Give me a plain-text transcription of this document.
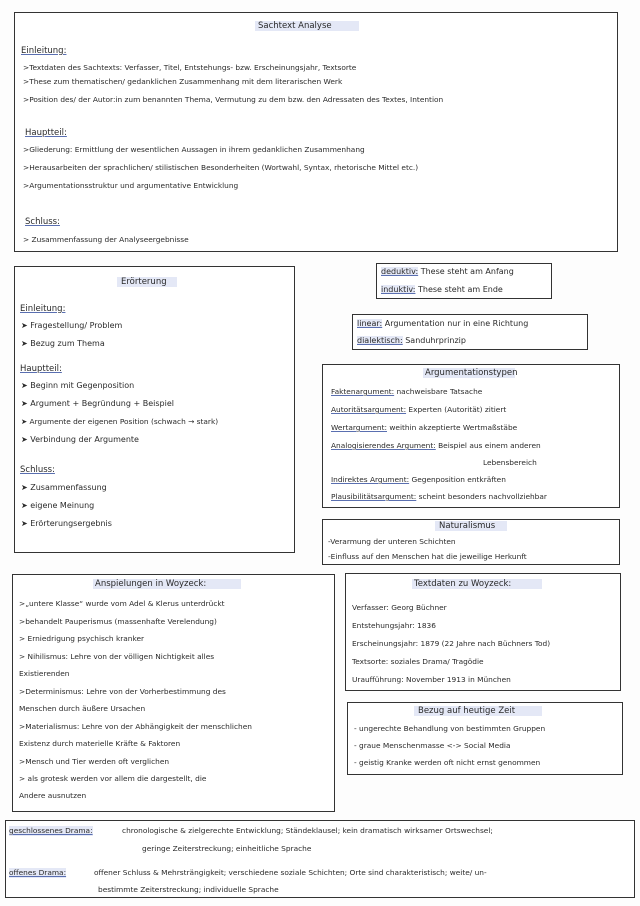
Sachtext Analyse
Einleitung:
>Textdaten des Sachtexts: Verfasser, Titel, Entstehungs- bzw. Erscheinungsjahr, Textsorte
>These zum thematischen/ gedanklichen Zusammenhang mit dem literarischen Werk
>Position des/ der Autor:in zum benannten Thema, Vermutung zu dem bzw. den Adressaten des Textes, Intention
Hauptteil:
>Gliederung: Ermittlung der wesentlichen Aussagen in ihrem gedanklichen Zusammenhang
>Herausarbeiten der sprachlichen/ stilistischen Besonderheiten (Wortwahl, Syntax, rhetorische Mittel etc.)
>Argumentationsstruktur und argumentative Entwicklung
Schluss:
> Zusammenfassung der Analyseergebnisse
Erörterung
Einleitung:
➤ Fragestellung/ Problem
➤ Bezug zum Thema
Hauptteil:
➤ Beginn mit Gegenposition
➤ Argument + Begründung + Beispiel
➤ Argumente der eigenen Position (schwach → stark)
➤ Verbindung der Argumente
Schluss:
➤ Zusammenfassung
➤ eigene Meinung
➤ Erörterungsergebnis
deduktiv: These steht am Anfang
induktiv: These steht am Ende
linear: Argumentation nur in eine Richtung
dialektisch: Sanduhrprinzip
Argumentationstypen
Faktenargument: nachweisbare Tatsache
Autoritätsargument: Experten (Autorität) zitiert
Wertargument: weithin akzeptierte Wertmaßstäbe
Analogisierendes Argument: Beispiel aus einem anderen
Lebensbereich
Indirektes Argument: Gegenposition entkräften
Plausibilitätsargument: scheint besonders nachvollziehbar
Naturalismus
-Verarmung der unteren Schichten
-Einfluss auf den Menschen hat die jeweilige Herkunft
Anspielungen in Woyzeck:
>„untere Klasse“ wurde vom Adel & Klerus unterdrückt
>behandelt Pauperismus (massenhafte Verelendung)
> Erniedrigung psychisch kranker
> Nihilismus: Lehre von der völligen Nichtigkeit alles
Existierenden
>Determinismus: Lehre von der Vorherbestimmung des
Menschen durch äußere Ursachen
>Materialismus: Lehre von der Abhängigkeit der menschlichen
Existenz durch materielle Kräfte & Faktoren
>Mensch und Tier werden oft verglichen
> als grotesk werden vor allem die dargestellt, die
Andere ausnutzen
Textdaten zu Woyzeck:
Verfasser: Georg Büchner
Entstehungsjahr: 1836
Erscheinungsjahr: 1879 (22 Jahre nach Büchners Tod)
Textsorte: soziales Drama/ Tragödie
Uraufführung: November 1913 in München
Bezug auf heutige Zeit
- ungerechte Behandlung von bestimmten Gruppen
- graue Menschenmasse <-> Social Media
- geistig Kranke werden oft nicht ernst genommen
geschlossenes Drama:	chronologische & zielgerechte Entwicklung; Ständeklausel; kein dramatisch wirksamer Ortswechsel;
geringe Zeiterstreckung; einheitliche Sprache
offenes Drama:	offener Schluss & Mehrsträngigkeit; verschiedene soziale Schichten; Orte sind charakteristisch; weite/ un-
bestimmte Zeiterstreckung; individuelle Sprache
